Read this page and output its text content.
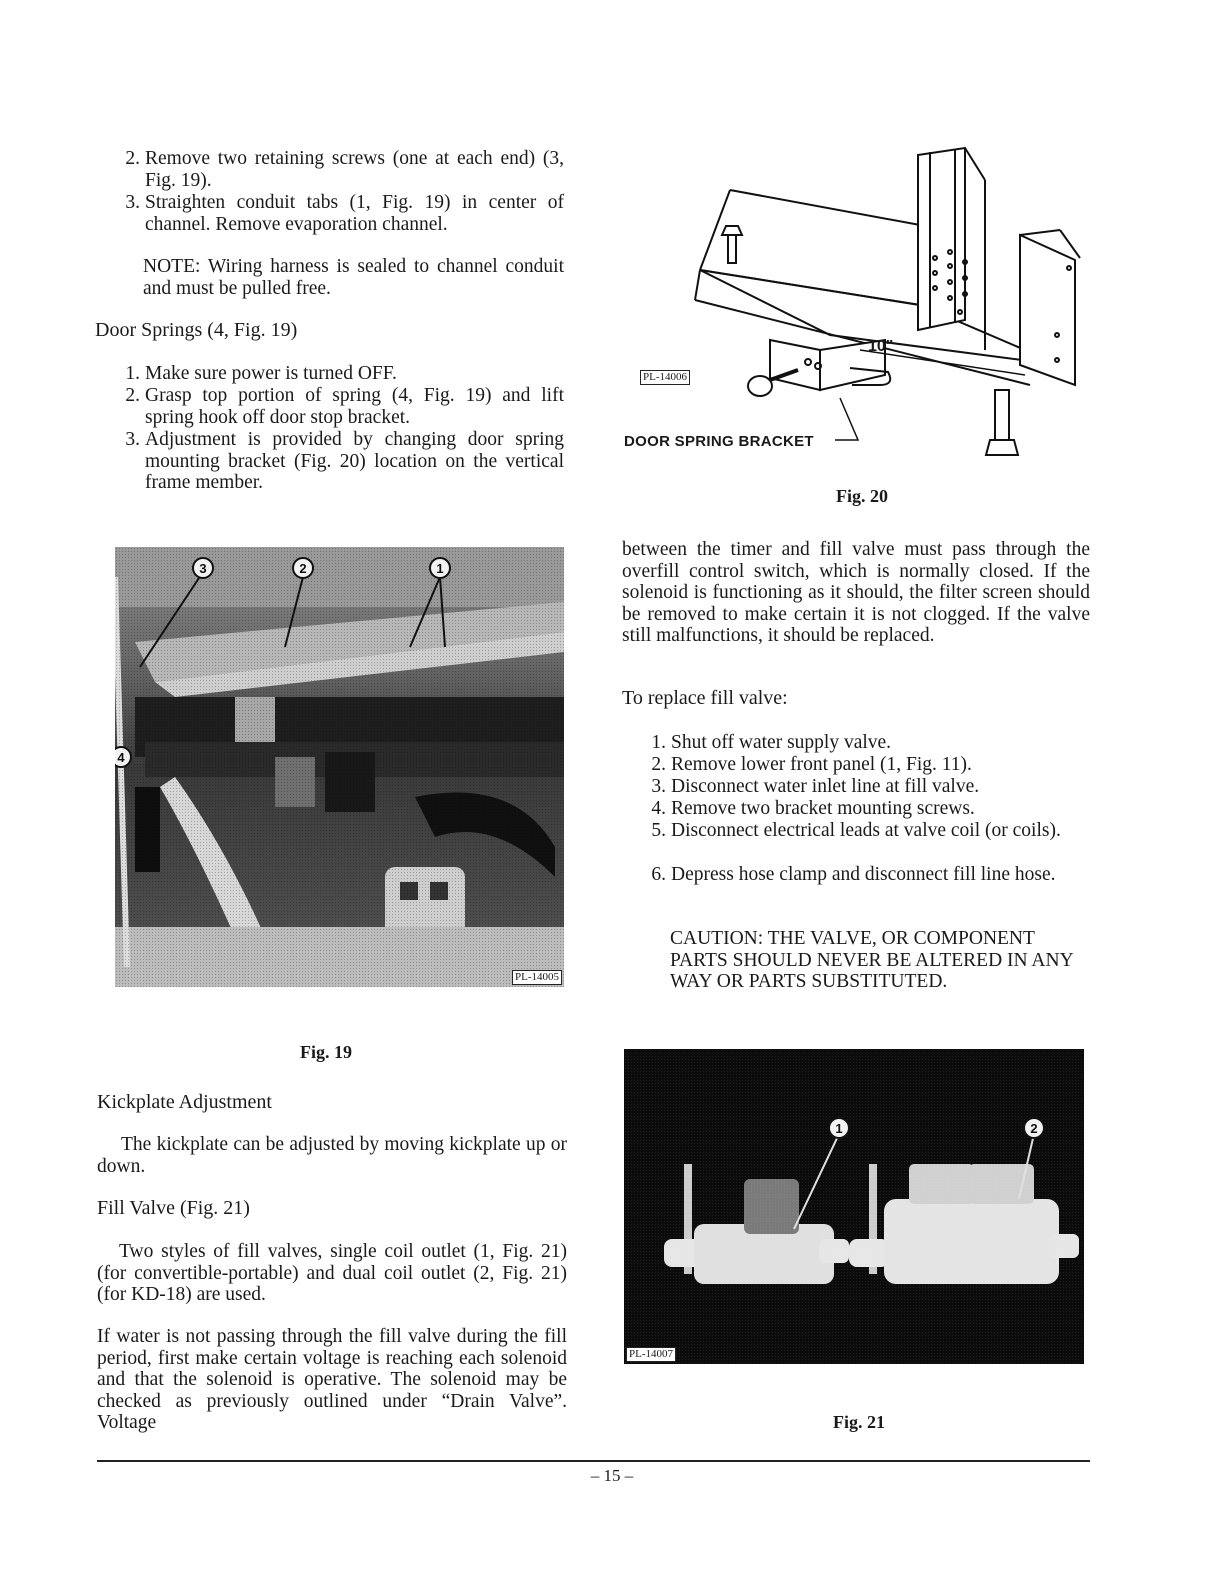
2. Remove two retaining screws (one at each end) (3, Fig. 19).
3. Straighten conduit tabs (1, Fig. 19) in center of channel. Remove evaporation channel.
NOTE: Wiring harness is sealed to channel conduit and must be pulled free.
Door Springs (4, Fig. 19)
1. Make sure power is turned OFF.
2. Grasp top portion of spring (4, Fig. 19) and lift spring hook off door stop bracket.
3. Adjustment is provided by changing door spring mounting bracket (Fig. 20) location on the vertical frame member.
3	2	1
4
PL-14005
Fig. 19
Kickplate Adjustment
The kickplate can be adjusted by moving kickplate up or down.
Fill Valve (Fig. 21)
Two styles of fill valves, single coil outlet (1, Fig. 21) (for convertible-portable) and dual coil outlet (2, Fig. 21) (for KD-18) are used.
If water is not passing through the fill valve during the fill period, first make certain voltage is reaching each solenoid and that the solenoid is operative. The solenoid may be checked as previously outlined under “Drain Valve”. Voltage
10"
PL-14006
DOOR SPRING BRACKET
Fig. 20
between the timer and fill valve must pass through the overfill control switch, which is normally closed. If the solenoid is functioning as it should, the filter screen should be removed to make certain it is not clogged. If the valve still malfunctions, it should be replaced.
To replace fill valve:
1. Shut off water supply valve.
2. Remove lower front panel (1, Fig. 11).
3. Disconnect water inlet line at fill valve.
4. Remove two bracket mounting screws.
5. Disconnect electrical leads at valve coil (or coils).
6. Depress hose clamp and disconnect fill line hose.
CAUTION: THE VALVE, OR COMPONENT PARTS SHOULD NEVER BE ALTERED IN ANY WAY OR PARTS SUBSTITUTED.
1	2
PL-14007
Fig. 21
– 15 –
